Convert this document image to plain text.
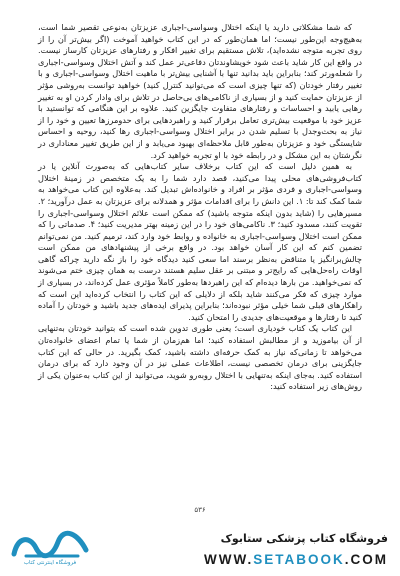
که شما مشکلاتی دارید یا اینکه اختلال وسواسی-اجباری عزیزتان به‌نوعی تقصیر شما است، به‌هیچ‌وجه این‌طور نیست؛ اما همان‌طور که در این کتاب خواهید آموخت (اگر بیش‌تر آن را از روی تجربه متوجه نشده‌اید)، تلاش مستقیم برای تغییر افکار و رفتارهای عزیزتان کارساز نیست. در واقع این کار شاید باعث شود خویشاوندتان دفاعی‌تر عمل کند و آتش اختلال وسواسی-اجباری را شعله‌ورتر کند؛ بنابراین باید بدانید تنها با آشنایی بیش‌تر با ماهیت اختلال وسواسی-اجباری و با تغییر رفتار خودتان (که تنها چیزی است که می‌توانید کنترل کنید) خواهید توانست به‌روشی مؤثر از عزیزتان حمایت کنید و از بسیاری از ناکامی‌های بی‌حاصل در تلاش برای وادار کردن او به تغییر رهایی یابید و احساسات و رفتارهای متفاوت جایگزین کنید. علاوه بر این هنگامی که توانستید با عزیز خود با موقعیت بیش‌تری تعامل برقرار کنید و راهبردهایی برای حدومرزها تعیین و خود را از نیاز به بحث‌وجدل با تسلیم شدن در برابر اختلال وسواسی-اجباری رها کنید، روحیه و احساس شایستگی خود و عزیزتان به‌طور قابل ملاحظه‌ای بهبود می‌یابد و از این طریق تغییر معناداری در نگرشتان به این مشکل و در رابطه خود با او تجربه خواهید کرد.

به همین دلیل است که این کتاب برخلاف سایر کتاب‌هایی که به‌صورت آنلاین یا در کتاب‌فروشی‌های محلی پیدا می‌کنید، قصد دارد شما را به یک متخصص در زمینهٔ اختلال وسواسی-اجباری و فردی مؤثر بر افراد و خانواده‌اش تبدیل کند. به‌علاوه این کتاب می‌خواهد به شما کمک کند تا: ۱. این دانش را برای اقدامات مؤثر و همدلانه برای عزیزتان به عمل درآورید؛ ۲. مسیرهایی را (شاید بدون اینکه متوجه باشید) که ممکن است علائم اختلال وسواسی-اجباری را تقویت کنند، مسدود کنید؛ ۳. ناکامی‌های خود را در این زمینه بهتر مدیریت کنید؛ ۴. صدماتی را که ممکن است اختلال وسواسی-اجباری به خانواده و روابط خود وارد کند، ترمیم کنید. من نمی‌توانم تضمین کنم که این کار آسان خواهد بود. در واقع برخی از پیشنهادهای من ممکن است چالش‌برانگیز یا متناقض به‌نظر برسند اما سعی کنید دیدگاه خود را باز نگه دارید چراکه گاهی اوقات راه‌حل‌هایی که رایج‌تر و مبتنی بر عقل سلیم هستند درست به همان چیزی ختم می‌شوند که نمی‌خواهید. من بارها دیده‌ام که این راهبردها به‌طور کاملاً مؤثری عمل کرده‌اند، در بسیاری از موارد چیزی که فکر می‌کنند شاید بلکه از دلایلی که این کتاب را انتخاب کرده‌اید این است که راهکارهای قبلی شما خیلی مؤثر نبوده‌اند؛ بنابراین پذیرای ایده‌های جدید باشید و خودتان را آماده کنید تا رفتارها و موقعیت‌های جدیدی را امتحان کنید.

این کتاب یک کتاب خودیاری است؛ یعنی طوری تدوین شده است که بتوانید خودتان به‌تنهایی از آن بیاموزید و از مطالبش استفاده کنید؛ اما هم‌زمان از شما یا تمام اعضای خانواده‌تان می‌خواهد تا زمانی‌که نیاز به کمک حرفه‌ای داشته باشید، کمک بگیرید. در حالی که این کتاب جایگزینی برای درمان تخصصی نیست، اطلاعات عملی نیز در آن وجود دارد که برای درمان استفاده کنید. به‌جای اینکه به‌تنهایی با اختلال روبه‌رو شوید، می‌توانید از این کتاب به‌عنوان یکی از روش‌های زیر استفاده کنید:

۵۳۶
فروشگاه اینترنتی کتاب
فروشگاه کتاب پزشکی ستابوک
WWW.SETABOOK.COM
